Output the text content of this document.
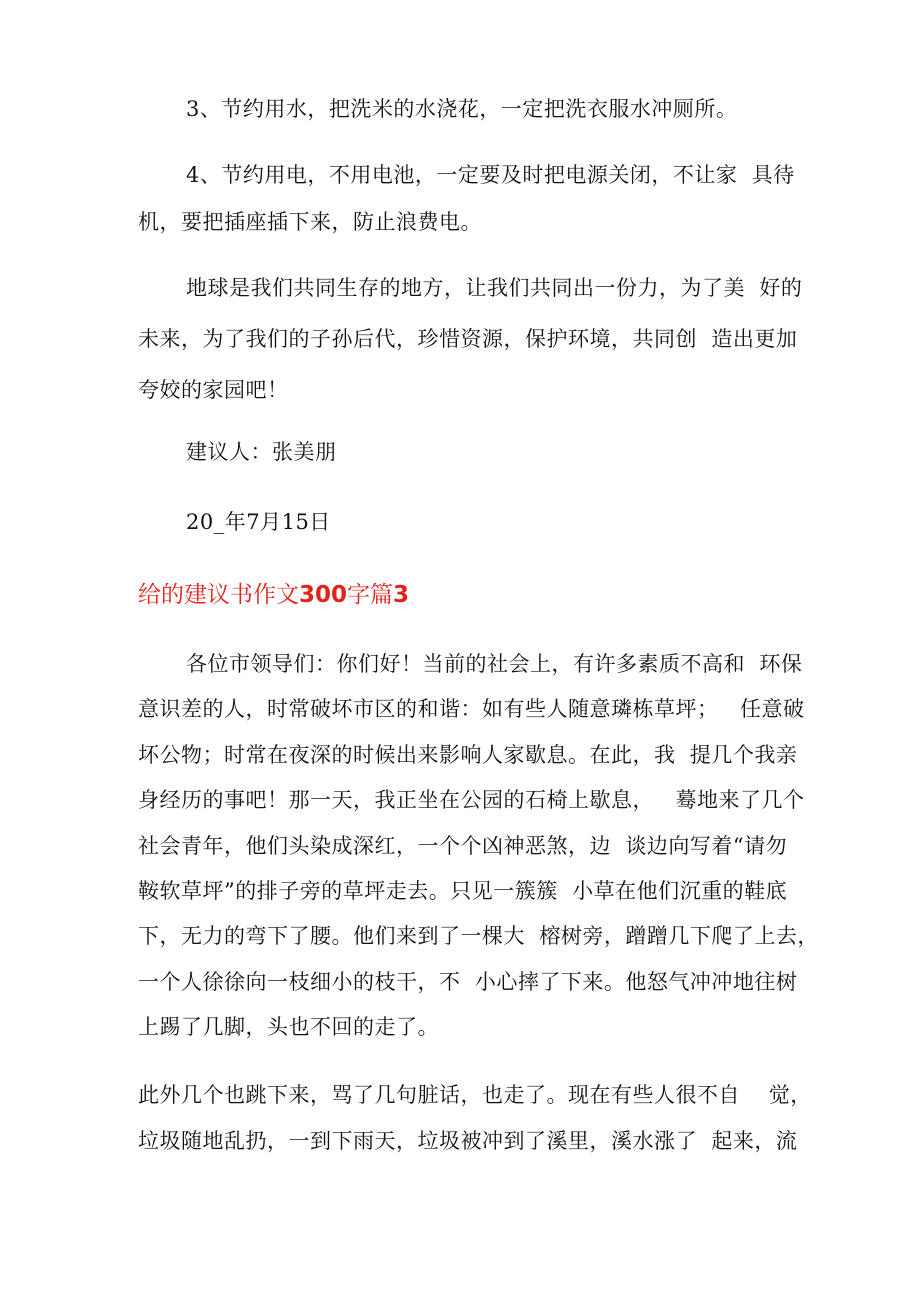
3、节约用水，把洗米的水浇花，一定把洗衣服水冲厕所。
4、节约用电，不用电池，一定要及时把电源关闭，不让家  具待
机，要把插座插下来，防止浪费电。
地球是我们共同生存的地方，让我们共同出一份力，为了美  好的
未来，为了我们的子孙后代，珍惜资源，保护环境，共同创  造出更加
夸姣的家园吧！
建议人：张美朋
20_年7月15日
给的建议书作文300字篇3
各位市领导们：你们好！当前的社会上，有许多素质不高和  环保
意识差的人，时常破坏市区的和谐：如有些人随意璘栋草坪；   任意破
坏公物；时常在夜深的时候出来影响人家歇息。在此，我  提几个我亲
身经历的事吧！那一天，我正坐在公园的石椅上歇息，   蓦地来了几个
社会青年，他们头染成深红，一个个凶神恶煞，边  谈边向写着“请勿
鞍软草坪”的排子旁的草坪走去。只见一簇簇  小草在他们沉重的鞋底
下，无力的弯下了腰。他们来到了一棵大  榕树旁，蹭蹭几下爬了上去，
一个人徐徐向一枝细小的枝干，不  小心摔了下来。他怒气冲冲地往树
上踢了几脚，头也不回的走了。
此外几个也跳下来，骂了几句脏话，也走了。现在有些人很不自    觉，
垃圾随地乱扔，一到下雨天，垃圾被冲到了溪里，溪水涨了  起来，流
